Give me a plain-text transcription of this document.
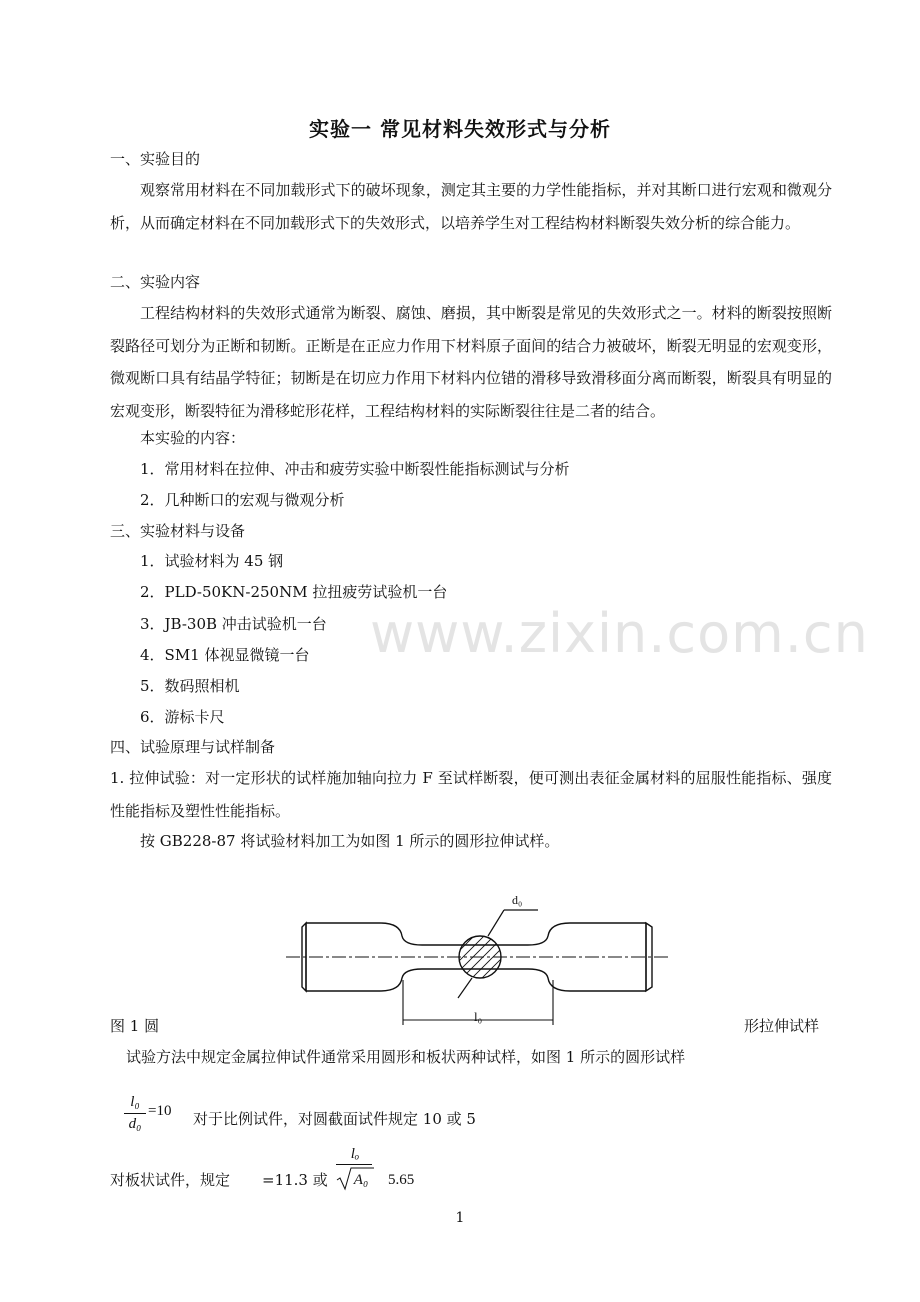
www.zixin.com.cn
实验一 常见材料失效形式与分析
一、实验目的
观察常用材料在不同加载形式下的破坏现象，测定其主要的力学性能指标，并对其断口进行宏观和微观分析，从而确定材料在不同加载形式下的失效形式，以培养学生对工程结构材料断裂失效分析的综合能力。
二、实验内容
工程结构材料的失效形式通常为断裂、腐蚀、磨损，其中断裂是常见的失效形式之一。材料的断裂按照断裂路径可划分为正断和韧断。正断是在正应力作用下材料原子面间的结合力被破坏，断裂无明显的宏观变形，微观断口具有结晶学特征；韧断是在切应力作用下材料内位错的滑移导致滑移面分离而断裂，断裂具有明显的宏观变形，断裂特征为滑移蛇形花样，工程结构材料的实际断裂往往是二者的结合。
本实验的内容：
1．常用材料在拉伸、冲击和疲劳实验中断裂性能指标测试与分析
2．几种断口的宏观与微观分析
三、实验材料与设备
1．试验材料为 45 钢
2．PLD-50KN-250NM 拉扭疲劳试验机一台
3．JB-30B 冲击试验机一台
4．SM1 体视显微镜一台
5．数码照相机
6．游标卡尺
四、试验原理与试样制备
1. 拉伸试验：对一定形状的试样施加轴向拉力 F 至试样断裂，便可测出表征金属材料的屈服性能指标、强度性能指标及塑性性能指标。
按 GB228-87 将试验材料加工为如图 1 所示的圆形拉伸试样。
d₀
l₀
图 1 圆	形拉伸试样
试验方法中规定金属拉伸试件通常采用圆形和板状两种试样，如图 1 所示的圆形试样
l₀
d₀
=10 对于比例试件，对圆截面试件规定 10 或 5
对板状试件，规定 =11.3 或
lₒ
A₀ 5.65
1
